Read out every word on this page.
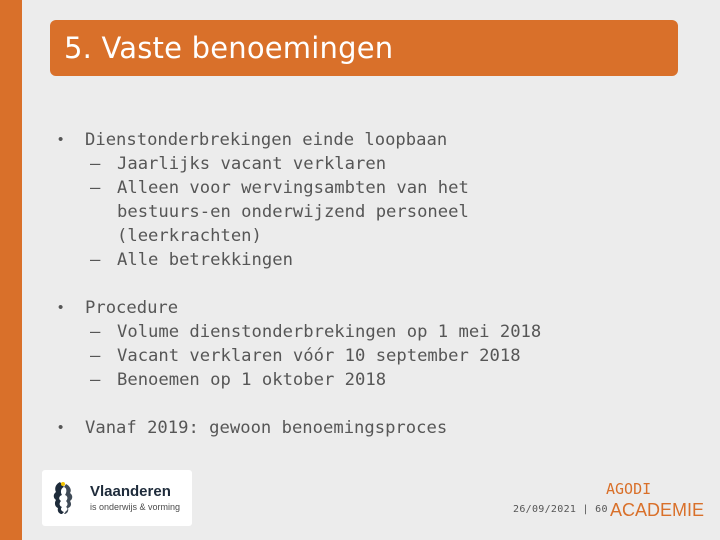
5. Vaste benoemingen
•	Dienstonderbrekingen einde loopbaan
– Jaarlijks vacant verklaren
– Alleen voor wervingsambten van het bestuurs-en onderwijzend personeel (leerkrachten)
– Alle betrekkingen
•	Procedure
– Volume dienstonderbrekingen op 1 mei 2018
– Vacant verklaren vóór 10 september 2018
– Benoemen op 1 oktober 2018
•	Vanaf 2019: gewoon benoemingsproces
Vlaanderen
is onderwijs & vorming	26/09/2021 | 60
AGODI
ACADEMIE
